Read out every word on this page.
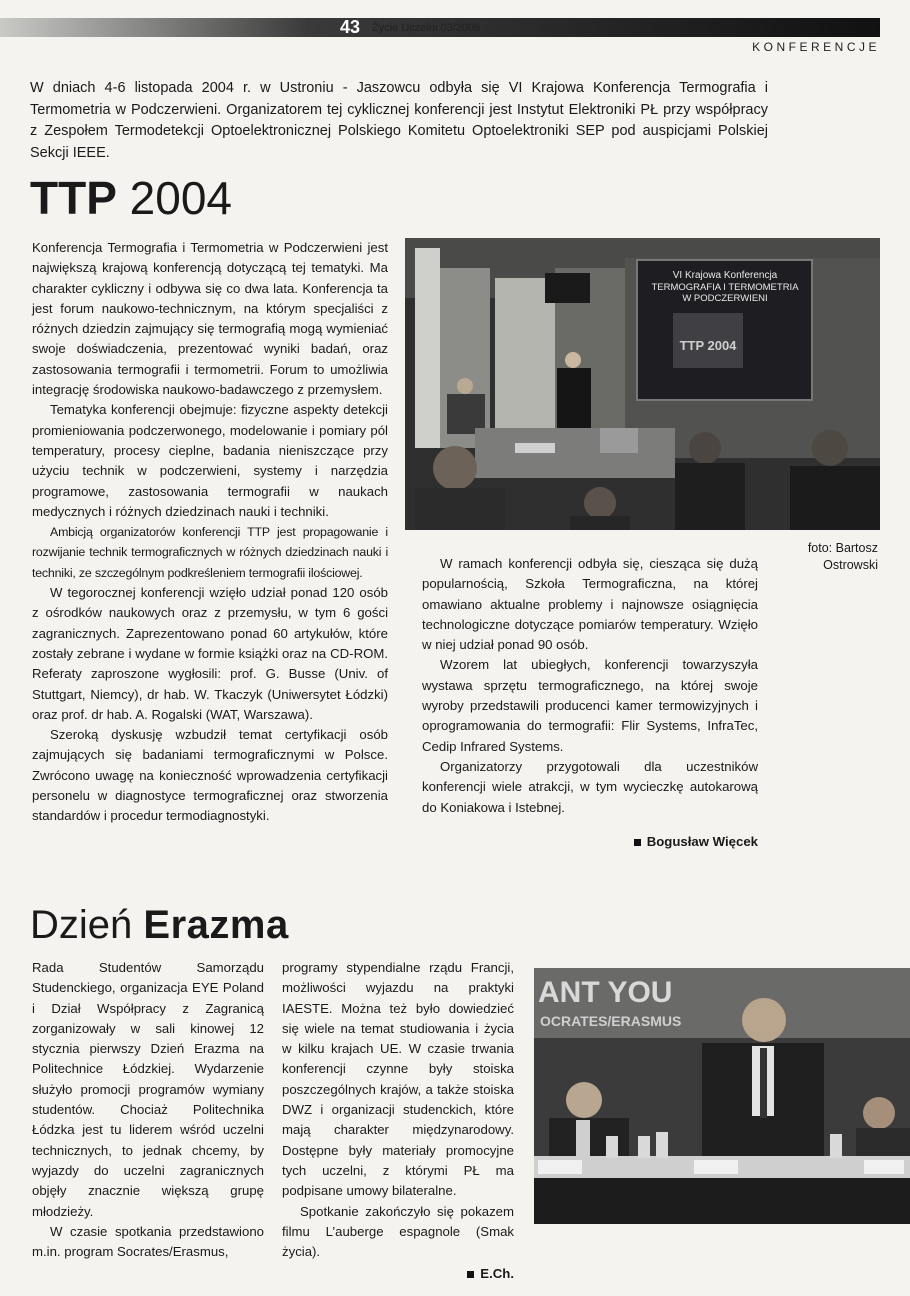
43 Życie Uczelni 03/2005
KONFERENCJE
W dniach 4-6 listopada 2004 r. w Ustroniu - Jaszowcu odbyła się VI Krajowa Konferencja Termografia i Termometria w Podczerwieni. Organizatorem tej cyklicznej konferencji jest Instytut Elektroniki PŁ przy współpracy z Zespołem Termodetekcji Optoelektronicznej Polskiego Komitetu Optoelektroniki SEP pod auspicjami Polskiej Sekcji IEEE.
TTP 2004

Konferencja Termografia i Termometria w Podczerwieni jest największą krajową konferencją dotyczącą tej tematyki. Ma charakter cykliczny i odbywa się co dwa lata. Konferencja ta jest forum naukowo-technicznym, na którym specjaliści z różnych dziedzin zajmujący się termografią mogą wymieniać swoje doświadczenia, prezentować wyniki badań, oraz zastosowania termografii i termometrii. Forum to umożliwia integrację środowiska naukowo-badawczego z przemysłem.

Tematyka konferencji obejmuje: fizyczne aspekty detekcji promieniowania podczerwonego, modelowanie i pomiary pól temperatury, procesy cieplne, badania nieniszczące przy użyciu technik w podczerwieni, systemy i narzędzia programowe, zastosowania termografii w naukach medycznych i różnych dziedzinach nauki i techniki.

Ambicją organizatorów konferencji TTP jest propagowanie i rozwijanie technik termograficznych w różnych dziedzinach nauki i techniki, ze szczególnym podkreśleniem termografii ilościowej.

W tegorocznej konferencji wzięło udział ponad 120 osób z ośrodków naukowych oraz z przemysłu, w tym 6 gości zagranicznych. Zaprezentowano ponad 60 artykułów, które zostały zebrane i wydane w formie książki oraz na CD-ROM. Referaty zaproszone wygłosili: prof. G. Busse (Univ. of Stuttgart, Niemcy), dr hab. W. Tkaczyk (Uniwersytet Łódzki) oraz prof. dr hab. A. Rogalski (WAT, Warszawa).

Szeroką dyskusję wzbudził temat certyfikacji osób zajmujących się badaniami termograficznymi w Polsce. Zwrócono uwagę na konieczność wprowadzenia certyfikacji personelu w diagnostyce termograficznej oraz stworzenia standardów i procedur termodiagnostyki.

VI Krajowa Konferencja
TERMOGRAFIA I TERMOMETRIA
W PODCZERWIENI
TTP 2004
foto: Bartosz Ostrowski

W ramach konferencji odbyła się, ciesząca się dużą popularnością, Szkoła Termograficzna, na której omawiano aktualne problemy i najnowsze osiągnięcia technologiczne dotyczące pomiarów temperatury. Wzięło w niej udział ponad 90 osób.

Wzorem lat ubiegłych, konferencji towarzyszyła wystawa sprzętu termograficznego, na której swoje wyroby przedstawili producenci kamer termowizyjnych i oprogramowania do termografii: Flir Systems, InfraTec, Cedip Infrared Systems.

Organizatorzy przygotowali dla uczestników konferencji wiele atrakcji, w tym wycieczkę autokarową do Koniakowa i Istebnej.

Bogusław Więcek
Dzień Erazma

Rada Studentów Samorządu Studenckiego, organizacja EYE Poland i Dział Współpracy z Zagranicą zorganizowały w sali kinowej 12 stycznia pierwszy Dzień Erazma na Politechnice Łódzkiej. Wydarzenie służyło promocji programów wymiany studentów. Chociaż Politechnika Łódzka jest tu liderem wśród uczelni technicznych, to jednak chcemy, by wyjazdy do uczelni zagranicznych objęły znacznie większą grupę młodzieży.

W czasie spotkania przedstawiono m.in. program Socrates/Erasmus,

programy stypendialne rządu Francji, możliwości wyjazdu na praktyki IAESTE. Można też było dowiedzieć się wiele na temat studiowania i życia w kilku krajach UE. W czasie trwania konferencji czynne były stoiska poszczególnych krajów, a także stoiska DWZ i organizacji studenckich, które mają charakter międzynarodowy. Dostępne były materiały promocyjne tych uczelni, z którymi PŁ ma podpisane umowy bilateralne.

Spotkanie zakończyło się pokazem filmu L’auberge espagnole (Smak życia).

E.Ch.
ANT YOU
OCRATES/ERASMUS
